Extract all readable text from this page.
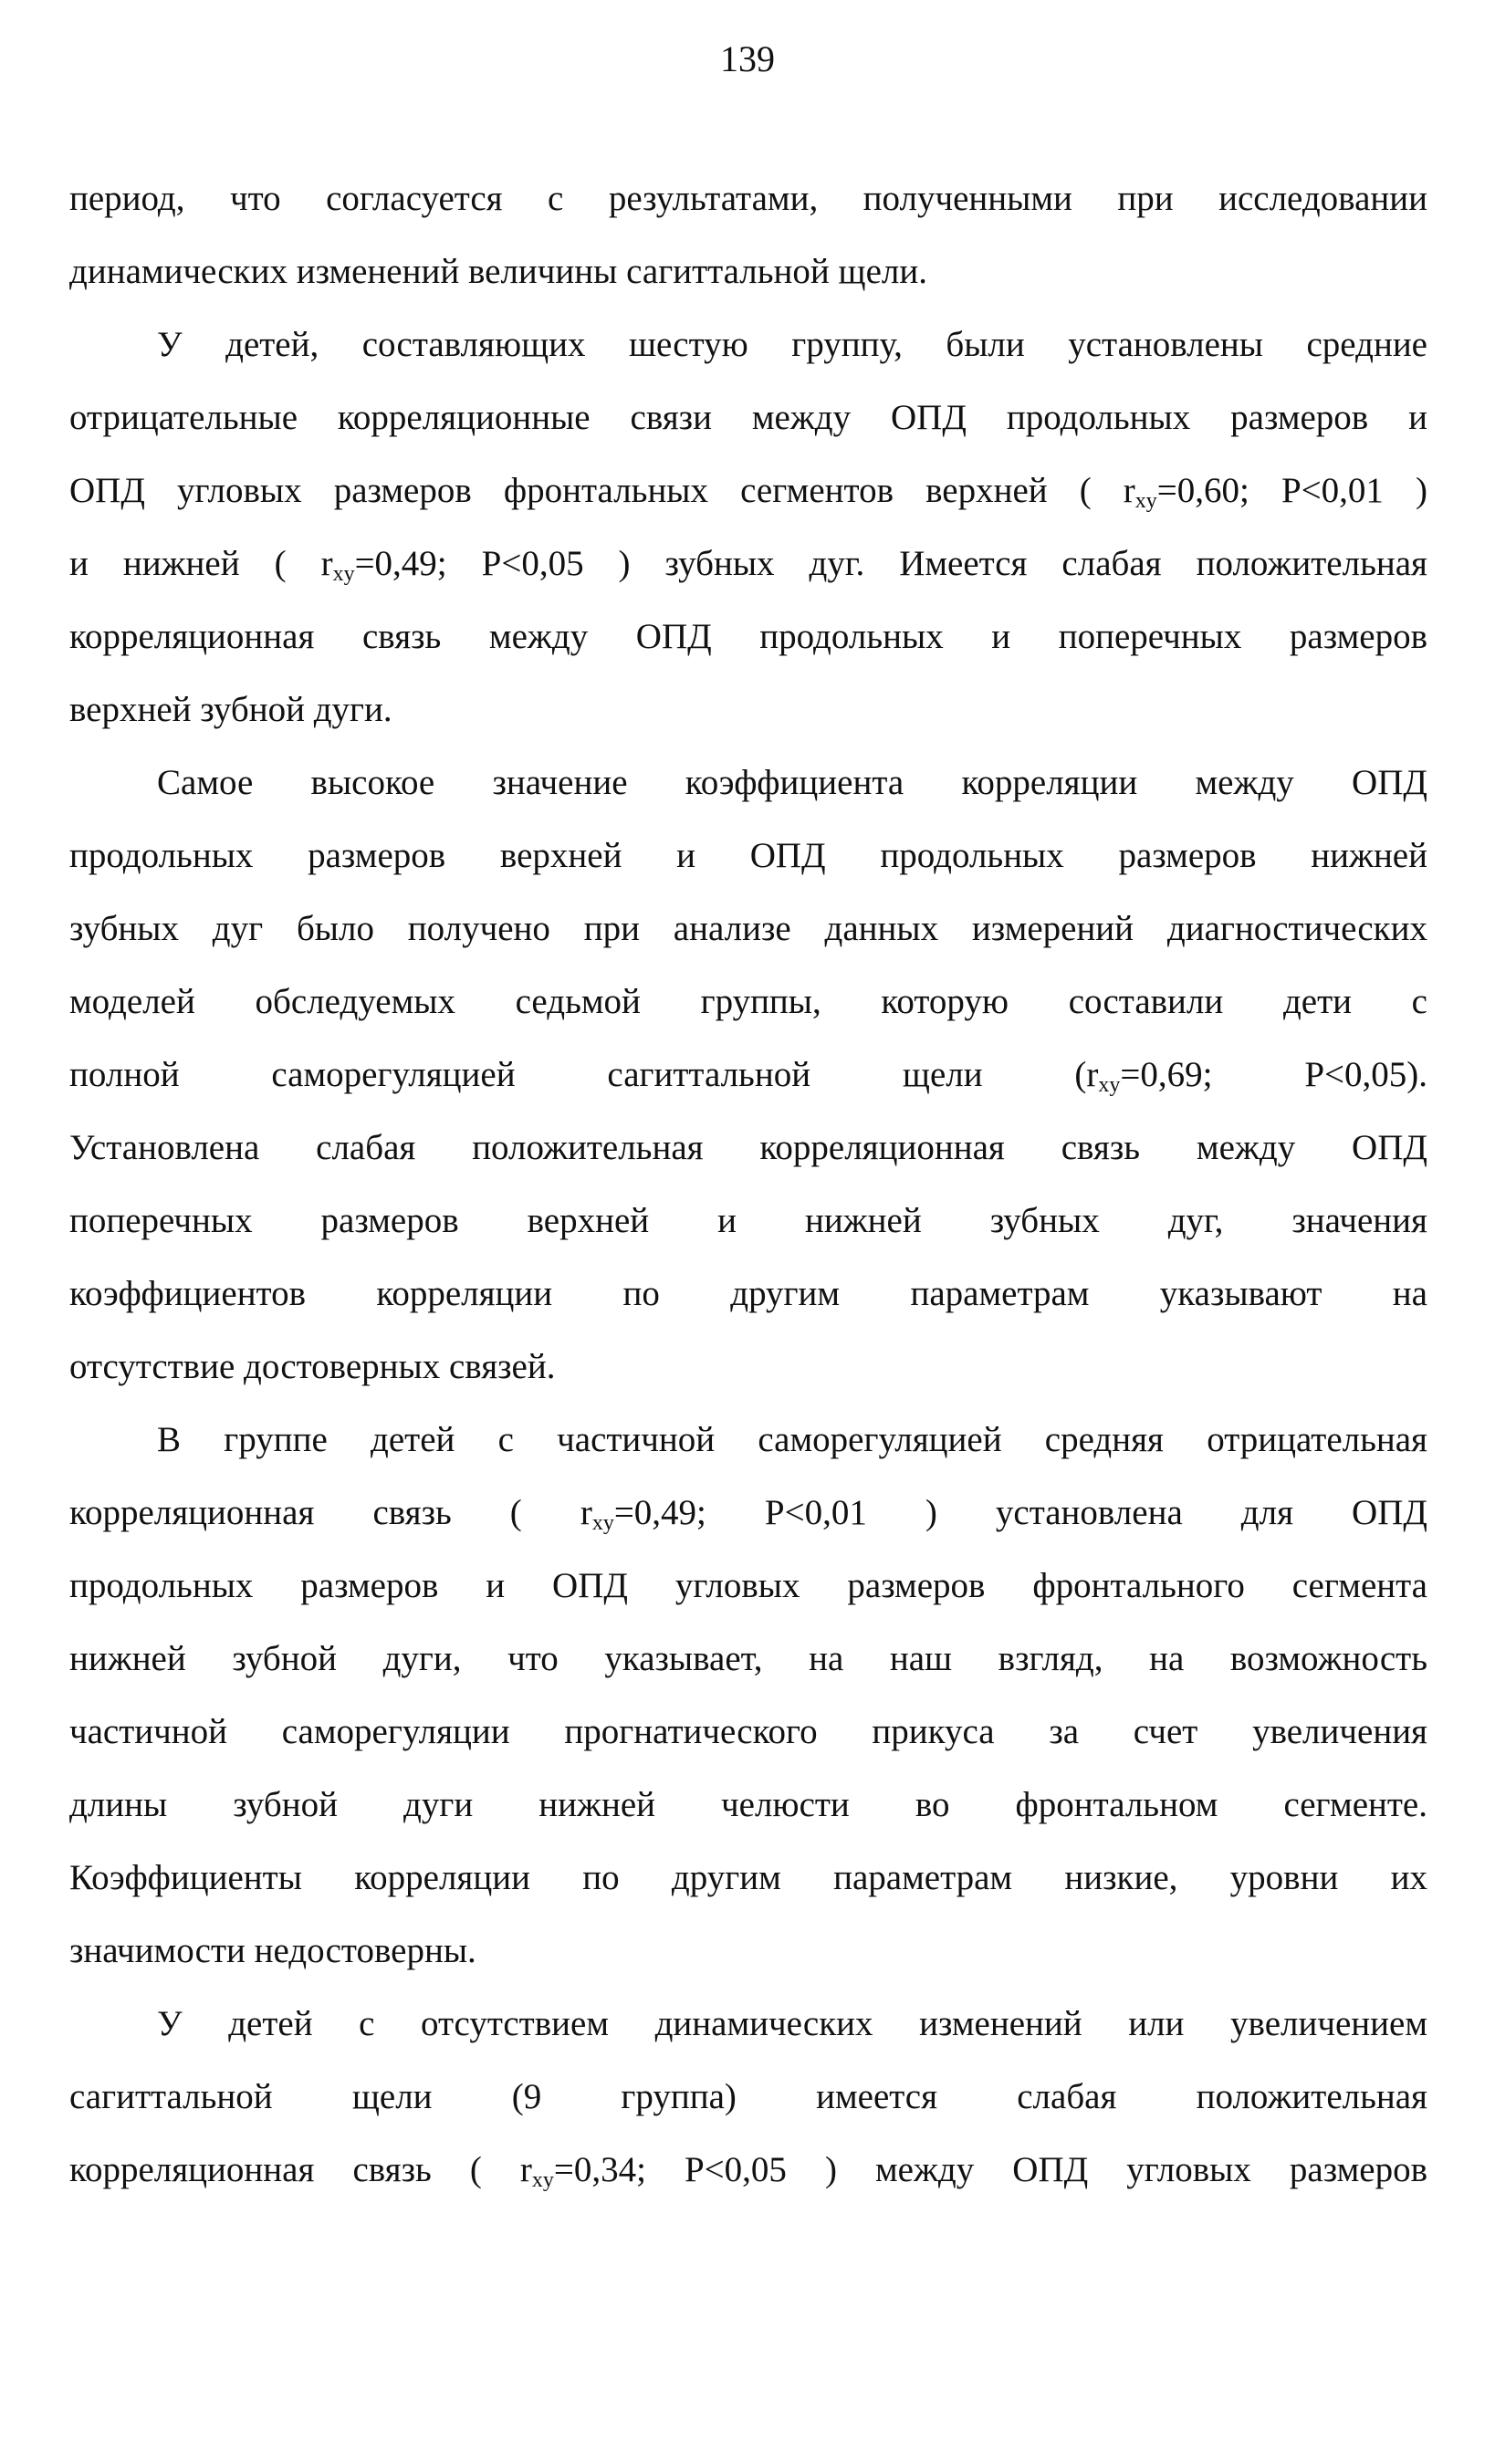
139
период, что согласуется с результатами, полученными при исследовании
динамических изменений величины сагиттальной щели.
У детей, составляющих шестую группу, были установлены средние
отрицательные корреляционные связи между ОПД продольных размеров и
ОПД угловых размеров фронтальных сегментов верхней ( $r_{xy}=0,60$; P<0,01 )
и нижней ( $r_{xy}=0,49$; P<0,05 ) зубных дуг. Имеется слабая положительная
корреляционная связь между ОПД продольных и поперечных размеров
верхней зубной дуги.
Самое высокое значение коэффициента корреляции между ОПД
продольных размеров верхней и ОПД продольных размеров нижней
зубных дуг было получено при анализе данных измерений диагностических
моделей обследуемых седьмой группы, которую составили дети с
полной саморегуляцией сагиттальной щели ($r_{xy}=0,69$; P<0,05).
Установлена слабая положительная корреляционная связь между ОПД
поперечных размеров верхней и нижней зубных дуг, значения
коэффициентов корреляции по другим параметрам указывают на
отсутствие достоверных связей.
В группе детей с частичной саморегуляцией средняя отрицательная
корреляционная связь ( $r_{xy}=0,49$; P<0,01 ) установлена для ОПД
продольных размеров и ОПД угловых размеров фронтального сегмента
нижней зубной дуги, что указывает, на наш взгляд, на возможность
частичной саморегуляции прогнатического прикуса за счет увеличения
длины зубной дуги нижней челюсти во фронтальном сегменте.
Коэффициенты корреляции по другим параметрам низкие, уровни их
значимости недостоверны.
У детей с отсутствием динамических изменений или увеличением
сагиттальной щели (9 группа) имеется слабая положительная
корреляционная связь ( $r_{xy}=0,34$; P<0,05 ) между ОПД угловых размеров
